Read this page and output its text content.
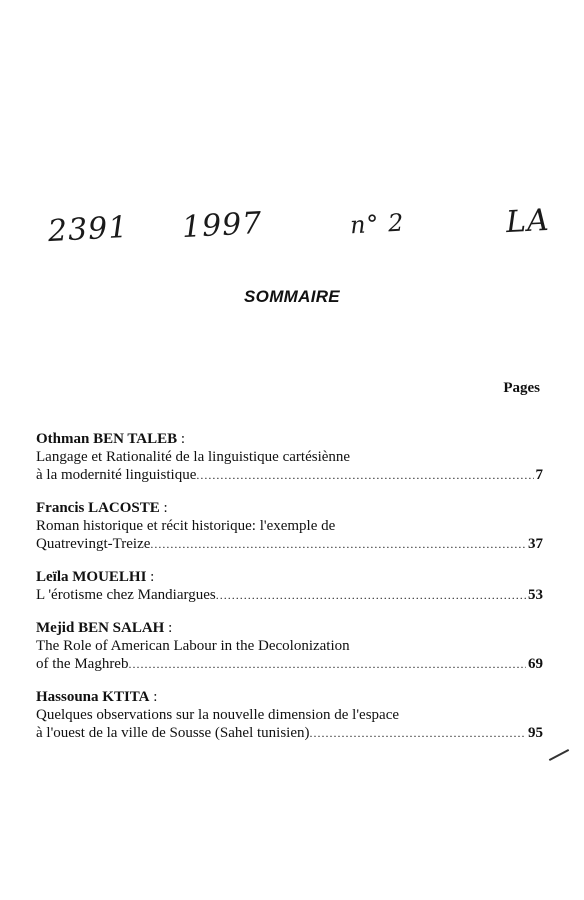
2391 1997	n° 2	LA
SOMMAIRE
Pages
Othman BEN TALEB :
Langage et Rationalité de la linguistique cartésiènne
à la modernité linguistique .....	7
Francis LACOSTE :
Roman historique et récit historique: l'exemple de
Quatrevingt-Treize .....	37
Leïla MOUELHI :
L 'érotisme chez Mandiargues .....	53
Mejid BEN SALAH :
The Role of American Labour in the Decolonization
of the Maghreb .....	69
Hassouna KTITA :
Quelques observations sur la nouvelle dimension de l'espace
à l'ouest de la ville de Sousse (Sahel tunisien) .....	95
